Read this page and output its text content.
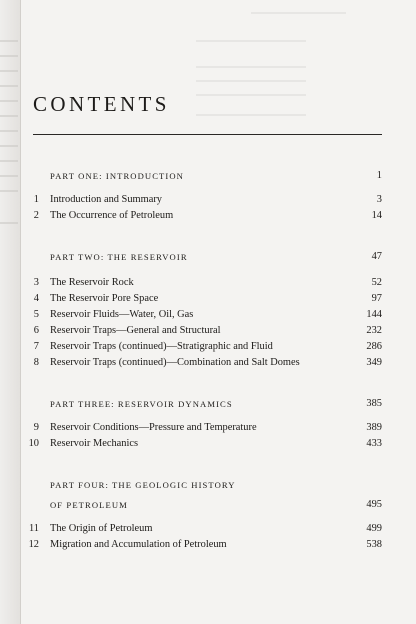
CONTENTS
PART ONE: INTRODUCTION	1
1 Introduction and Summary	3
2 The Occurrence of Petroleum	14
PART TWO: THE RESERVOIR	47
3 The Reservoir Rock	52
4 The Reservoir Pore Space	97
5 Reservoir Fluids—Water, Oil, Gas	144
6 Reservoir Traps—General and Structural	232
7 Reservoir Traps (continued)—Stratigraphic and Fluid	286
8 Reservoir Traps (continued)—Combination and Salt Domes	349
PART THREE: RESERVOIR DYNAMICS	385
9 Reservoir Conditions—Pressure and Temperature	389
10 Reservoir Mechanics	433
PART FOUR: THE GEOLOGIC HISTORY
OF PETROLEUM	495
11 The Origin of Petroleum	499
12 Migration and Accumulation of Petroleum	538
